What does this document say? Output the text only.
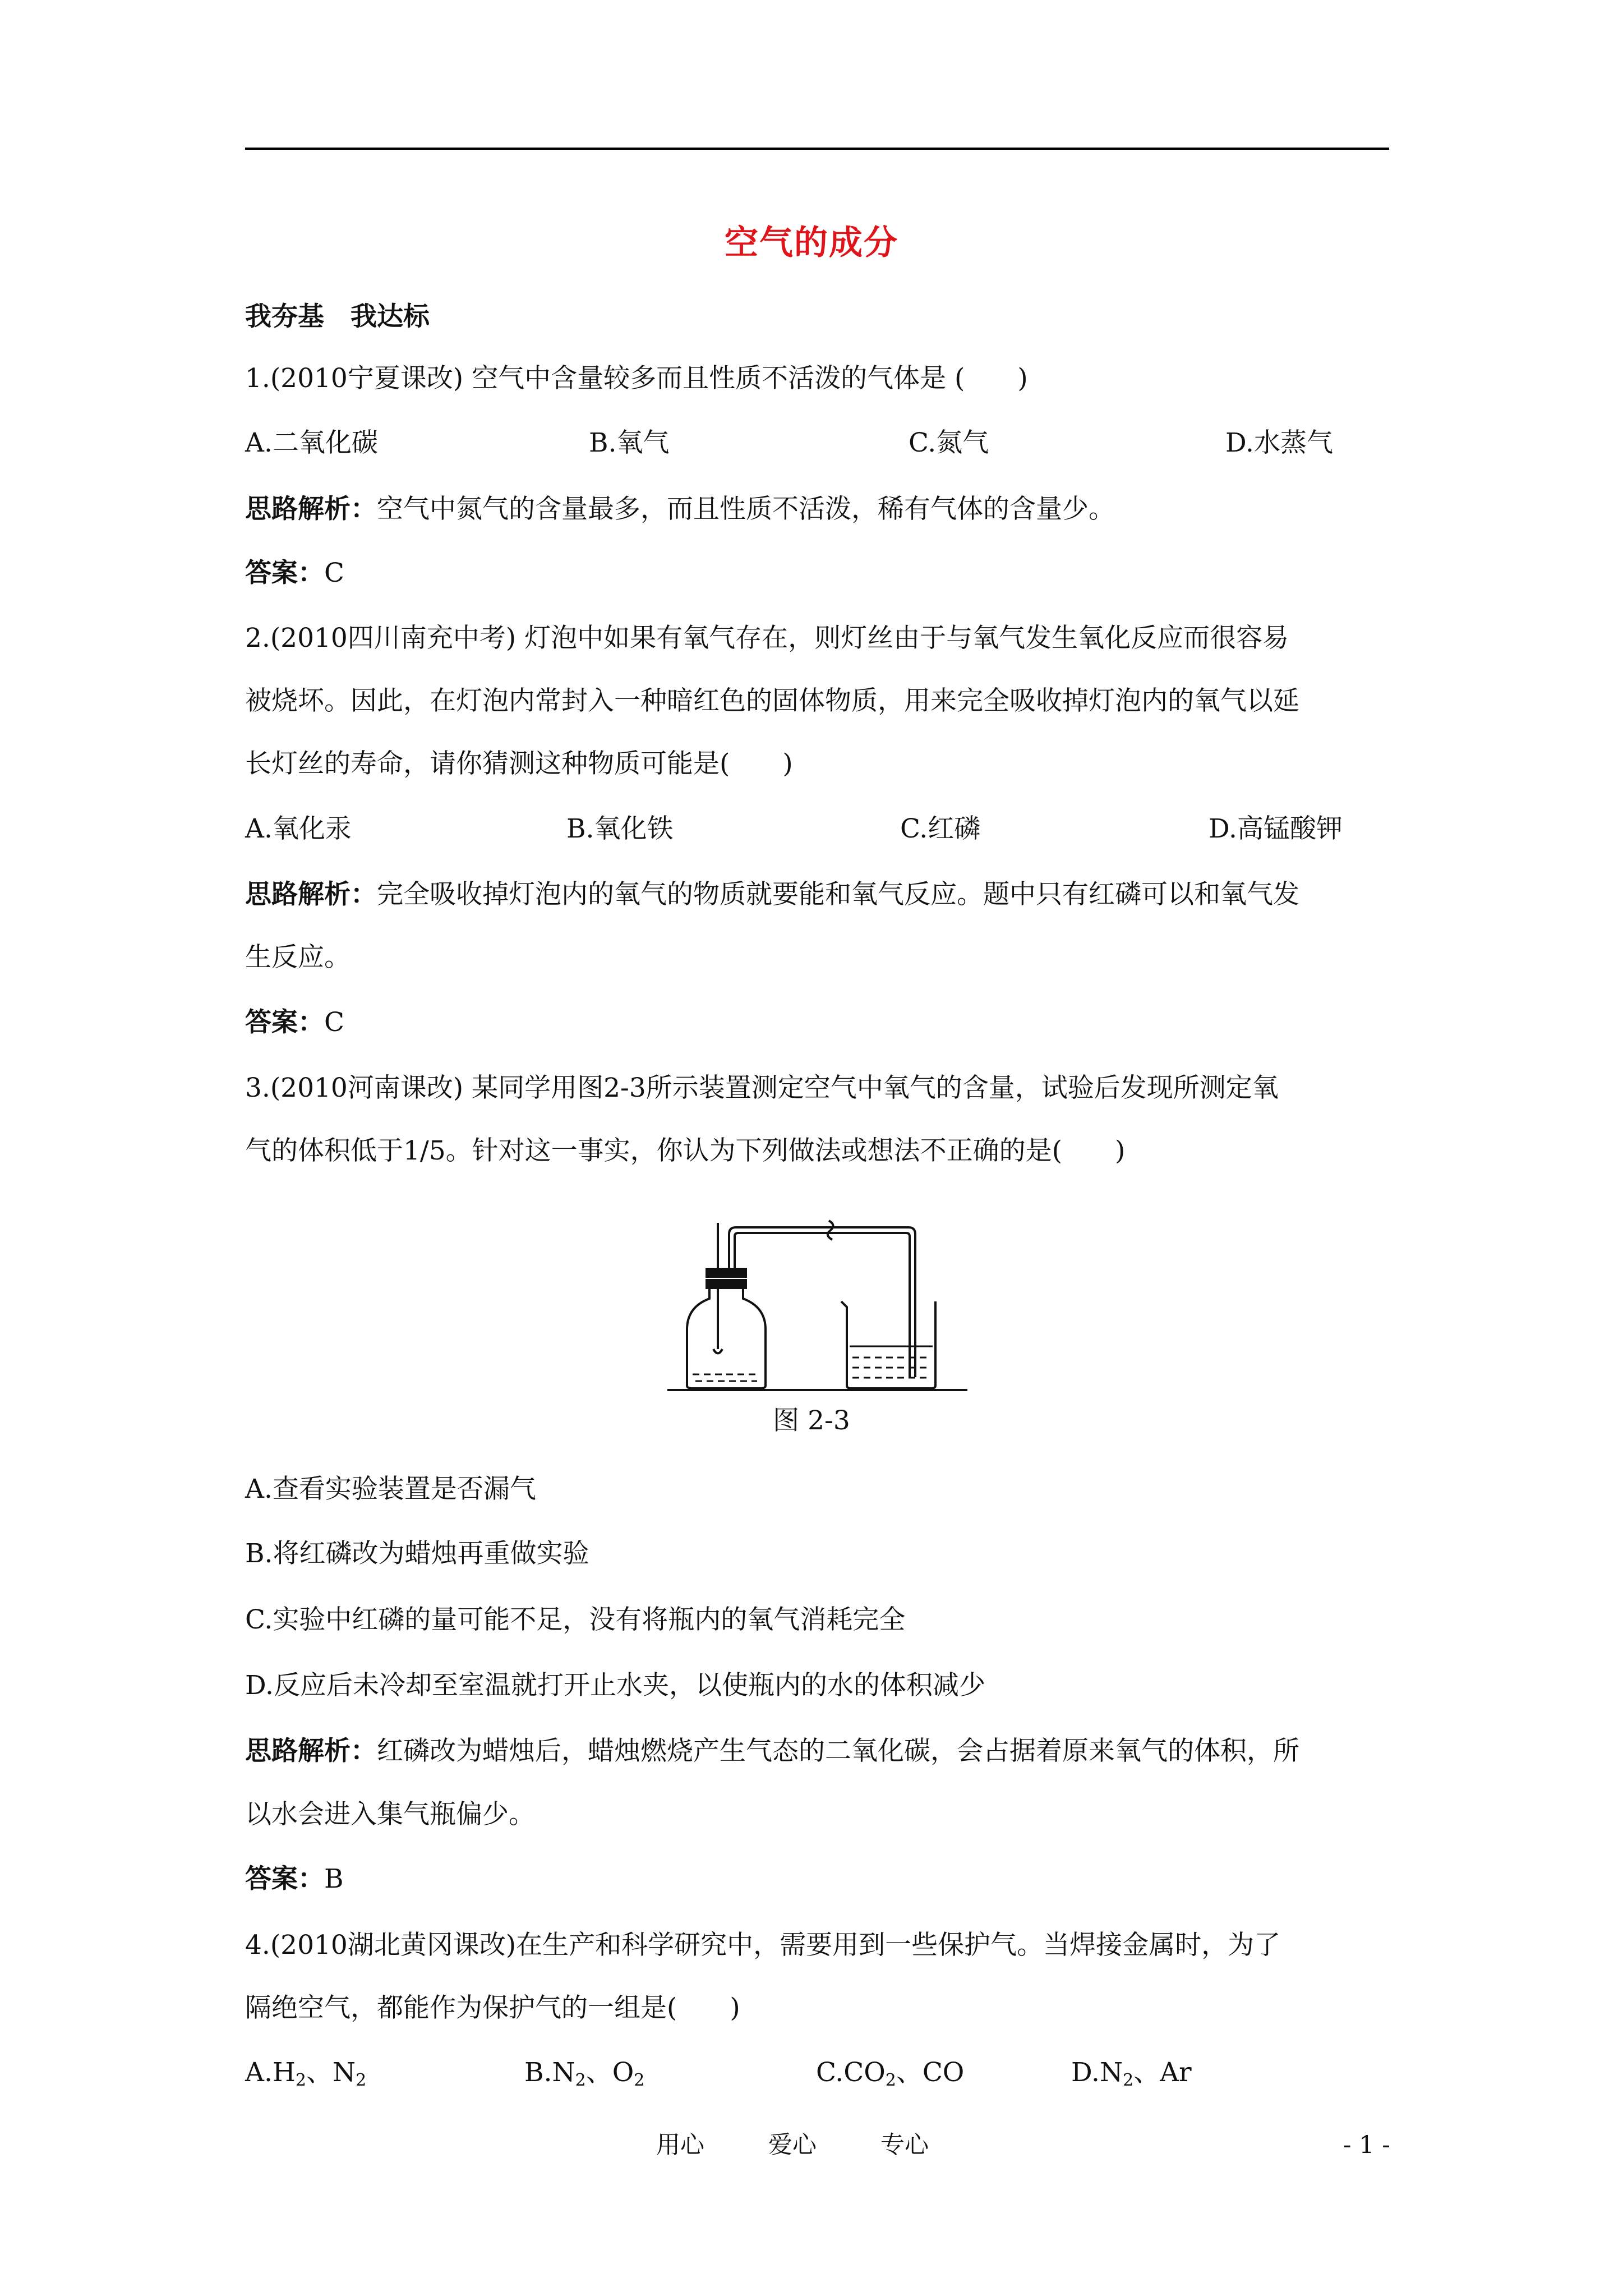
空气的成分
我夯基　我达标
1.(2010宁夏课改) 空气中含量较多而且性质不活泼的气体是 (　　)
A.二氧化碳	B.氧气	C.氮气	D.水蒸气
思路解析：空气中氮气的含量最多，而且性质不活泼，稀有气体的含量少。
答案：C
2.(2010四川南充中考) 灯泡中如果有氧气存在，则灯丝由于与氧气发生氧化反应而很容易
被烧坏。因此，在灯泡内常封入一种暗红色的固体物质，用来完全吸收掉灯泡内的氧气以延
长灯丝的寿命，请你猜测这种物质可能是(　　)
A.氧化汞	B.氧化铁	C.红磷	D.高锰酸钾
思路解析：完全吸收掉灯泡内的氧气的物质就要能和氧气反应。题中只有红磷可以和氧气发
生反应。
答案：C
3.(2010河南课改) 某同学用图2-3所示装置测定空气中氧气的含量，试验后发现所测定氧
气的体积低于1/5。针对这一事实，你认为下列做法或想法不正确的是(　　)
图 2-3
A.查看实验装置是否漏气
B.将红磷改为蜡烛再重做实验
C.实验中红磷的量可能不足，没有将瓶内的氧气消耗完全
D.反应后未冷却至室温就打开止水夹，以使瓶内的水的体积减少
思路解析：红磷改为蜡烛后，蜡烛燃烧产生气态的二氧化碳，会占据着原来氧气的体积，所
以水会进入集气瓶偏少。
答案：B
4.(2010湖北黄冈课改)在生产和科学研究中，需要用到一些保护气。当焊接金属时，为了
隔绝空气，都能作为保护气的一组是(　　)
$A.H_2$、$N_2$	$B.N_2$、$O_2$	$C.CO_2$、CO	$D.N_2$、Ar
用心	爱心	专心	- 1 -
